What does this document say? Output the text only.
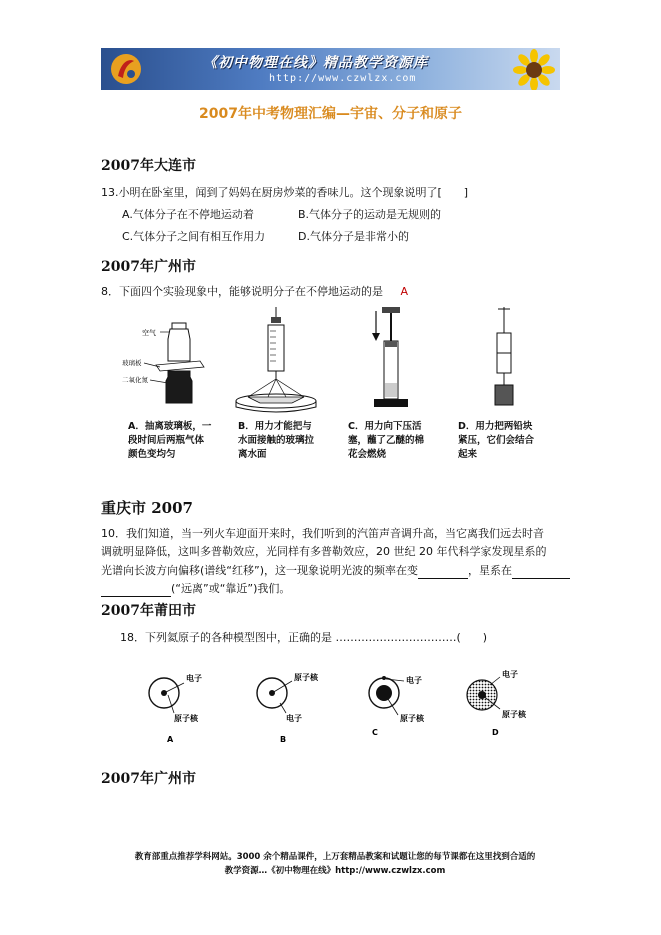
《初中物理在线》精品教学资源库
http://www.czwlzx.com
2007年中考物理汇编—宇宙、分子和原子
2007年大连市
13.小明在卧室里，闻到了妈妈在厨房炒菜的香味儿。这个现象说明了[　　]
A.气体分子在不停地运动着	B.气体分子的运动是无规则的
C.气体分子之间有相互作用力	D.气体分子是非常小的
2007年广州市
8．下面四个实验现象中，能够说明分子在不停地运动的是 A
空气
玻璃板
二氧化氮
A．抽离玻璃板，一
段时间后两瓶气体
颜色变均匀
B．用力才能把与
水面接触的玻璃拉
离水面
C．用力向下压活
塞，蘸了乙醚的棉
花会燃烧
D．用力把两铅块
紧压，它们会结合
起来
重庆市 2007
10．我们知道，当一列火车迎面开来时，我们听到的汽笛声音调升高，当它离我们远去时音
调就明显降低，这叫多普勒效应，光同样有多普勒效应，20 世纪 20 年代科学家发现星系的
光谱向长波方向偏移(谱线“红移”)，这一现象说明光波的频率在变	，星系在
(“远离”或“靠近”)我们。
2007年莆田市
18．下列氦原子的各种模型图中，正确的是 ……………………………(　　)
电子
原子核
A
原子核
电子
B
电子
原子核
C
电子
原子核
D
2007年广州市
教育部重点推荐学科网站。3000 余个精品课件，上万套精品教案和试题让您的每节课都在这里找到合适的
教学资源…《初中物理在线》http://www.czwlzx.com
